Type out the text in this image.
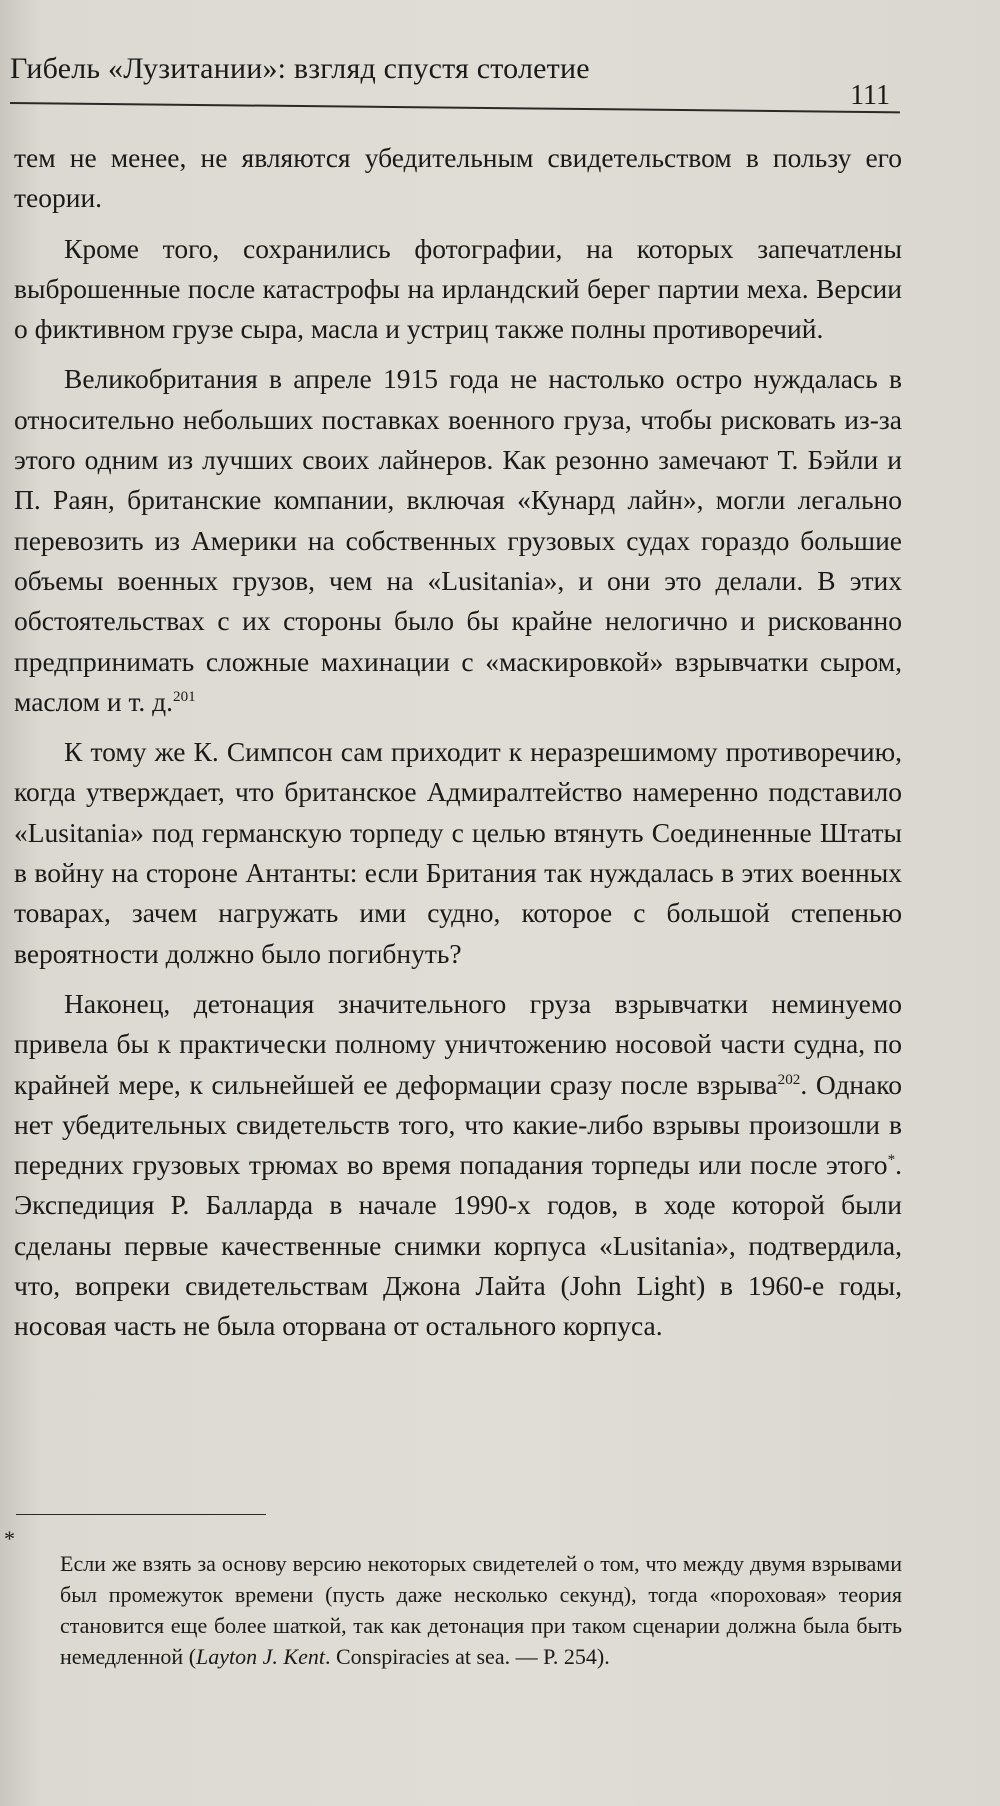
Гибель «Лузитании»: взгляд спустя столетие
111

тем не менее, не являются убедительным свидетельством в пользу его теории.

Кроме того, сохранились фотографии, на которых запечатлены выброшенные после катастрофы на ирландский берег партии меха. Версии о фиктивном грузе сыра, масла и устриц также полны противоречий.

Великобритания в апреле 1915 года не настолько остро нуждалась в относительно небольших поставках военного груза, чтобы рисковать из-за этого одним из лучших своих лайнеров. Как резонно замечают Т. Бэйли и П. Раян, британские компании, включая «Кунард лайн», могли легально перевозить из Америки на собственных грузовых судах гораздо большие объемы военных грузов, чем на «Lusitania», и они это делали. В этих обстоятельствах с их стороны было бы крайне нелогично и рискованно предпринимать сложные махинации с «маскировкой» взрывчатки сыром, маслом и т. д.$^{201}$

К тому же К. Симпсон сам приходит к неразрешимому противоречию, когда утверждает, что британское Адмиралтейство намеренно подставило «Lusitania» под германскую торпеду с целью втянуть Соединенные Штаты в войну на стороне Антанты: если Британия так нуждалась в этих военных товарах, зачем нагружать ими судно, которое с большой степенью вероятности должно было погибнуть?

Наконец, детонация значительного груза взрывчатки неминуемо привела бы к практически полному уничтожению носовой части судна, по крайней мере, к сильнейшей ее деформации сразу после взрыва$^{202}$. Однако нет убедительных свидетельств того, что какие-либо взрывы произошли в передних грузовых трюмах во время попадания торпеды или после этого*. Экспедиция Р. Балларда в начале 1990-х годов, в ходе которой были сделаны первые качественные снимки корпуса «Lusitania», подтвердила, что, вопреки свидетельствам Джона Лайта (John Light) в 1960-е годы, носовая часть не была оторвана от остального корпуса.

*

Если же взять за основу версию некоторых свидетелей о том, что между двумя взрывами был промежуток времени (пусть даже несколько секунд), тогда «пороховая» теория становится еще более шаткой, так как детонация при таком сценарии должна была быть немедленной (Layton J. Kent. Conspiracies at sea. — P. 254).
